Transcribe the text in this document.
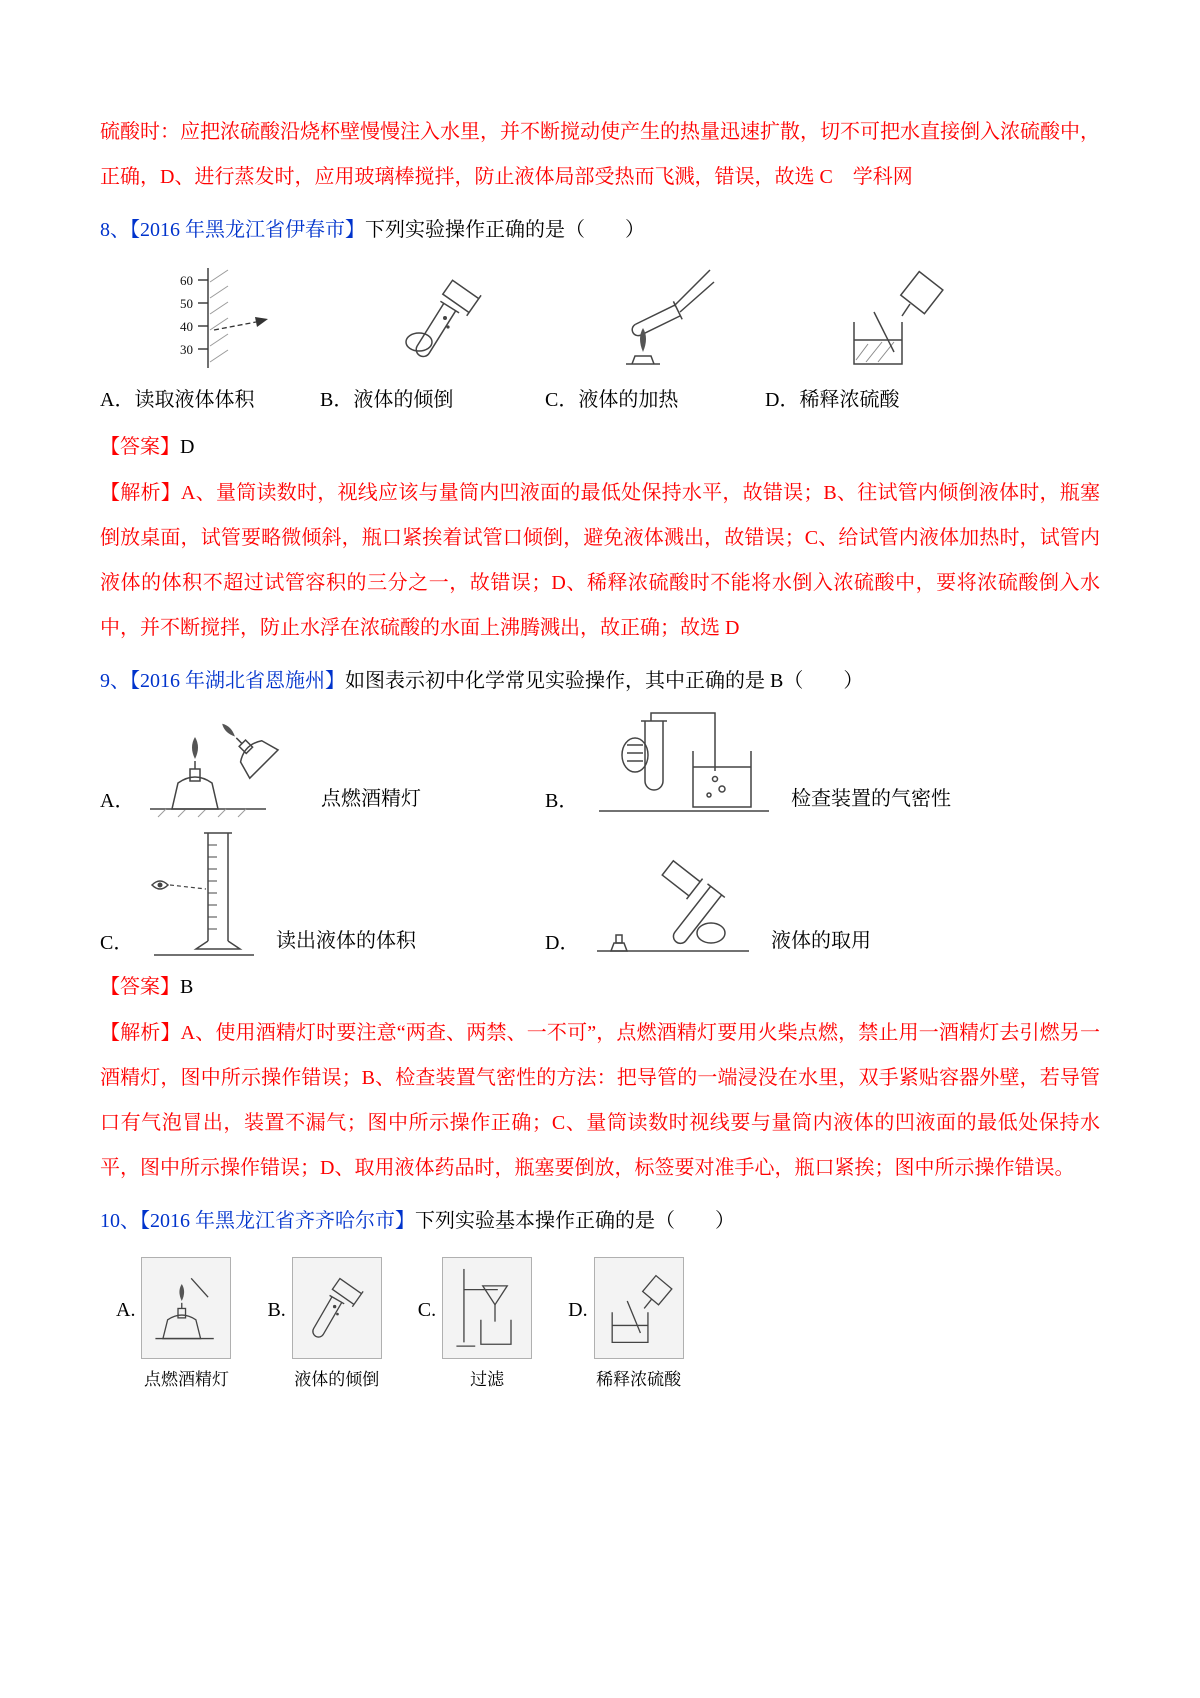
硫酸时：应把浓硫酸沿烧杯壁慢慢注入水里，并不断搅动使产生的热量迅速扩散，切不可把水直接倒入浓硫酸中，正确，D、进行蒸发时，应用玻璃棒搅拌，防止液体局部受热而飞溅，错误，故选 C　学科网

8、【2016 年黑龙江省伊春市】下列实验操作正确的是（　　）

60
50
40
30
A．读取液体体积	B．液体的倾倒	C．液体的加热	D．稀释浓硫酸

【答案】D

【解析】A、量筒读数时，视线应该与量筒内凹液面的最低处保持水平，故错误；B、往试管内倾倒液体时，瓶塞倒放桌面，试管要略微倾斜，瓶口紧挨着试管口倾倒，避免液体溅出，故错误；C、给试管内液体加热时，试管内液体的体积不超过试管容积的三分之一，故错误；D、稀释浓硫酸时不能将水倒入浓硫酸中，要将浓硫酸倒入水中，并不断搅拌，防止水浮在浓硫酸的水面上沸腾溅出，故正确；故选 D

9、【2016 年湖北省恩施州】如图表示初中化学常见实验操作，其中正确的是 B（　　）

A．	点燃酒精灯	B．	检查装置的气密性
C．	读出液体的体积	D．	液体的取用

【答案】B

【解析】A、使用酒精灯时要注意“两查、两禁、一不可”，点燃酒精灯要用火柴点燃，禁止用一酒精灯去引燃另一酒精灯，图中所示操作错误；B、检查装置气密性的方法：把导管的一端浸没在水里，双手紧贴容器外壁，若导管口有气泡冒出，装置不漏气；图中所示操作正确；C、量筒读数时视线要与量筒内液体的凹液面的最低处保持水平，图中所示操作错误；D、取用液体药品时，瓶塞要倒放，标签要对准手心，瓶口紧挨；图中所示操作错误。

10、【2016 年黑龙江省齐齐哈尔市】下列实验基本操作正确的是（　　）

A.
点燃酒精灯
B.
液体的倾倒
C.
过滤
D.
稀释浓硫酸
